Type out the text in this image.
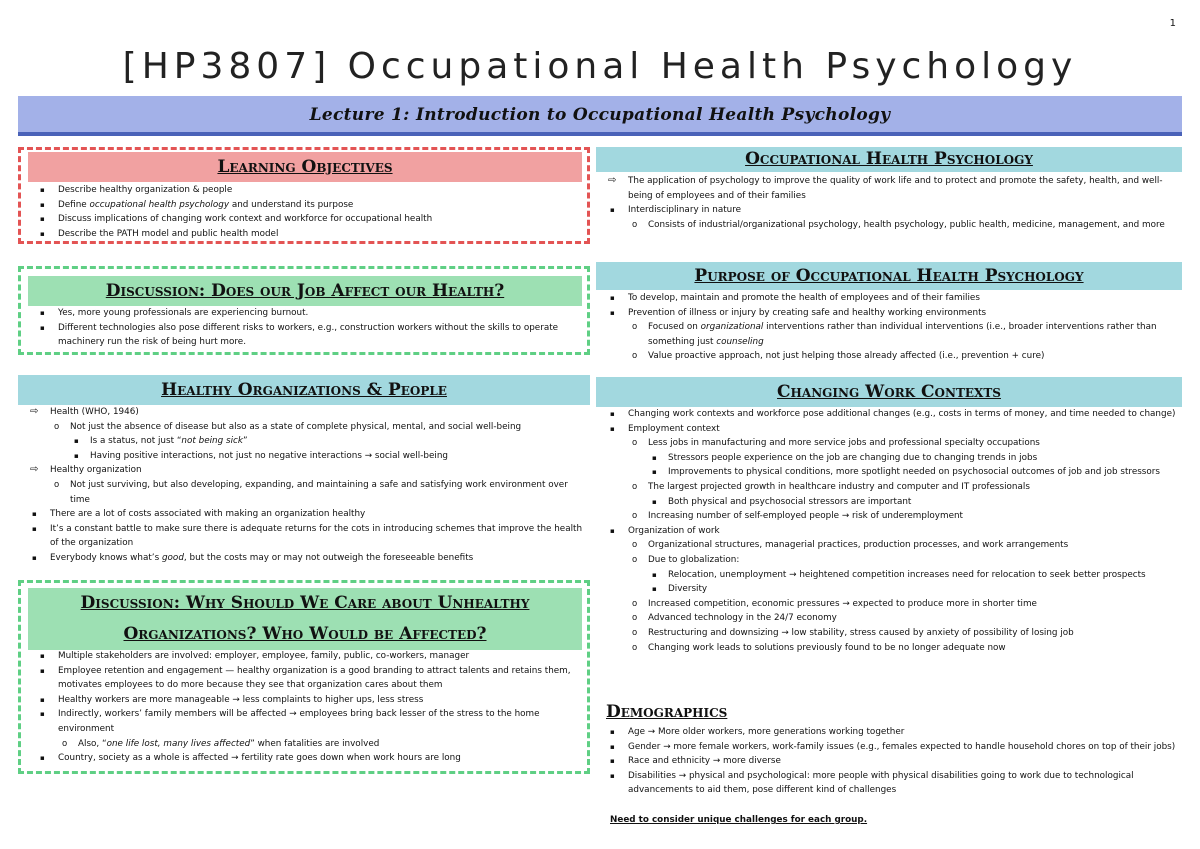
1
[HP3807] Occupational Health Psychology
Lecture 1: Introduction to Occupational Health Psychology
Learning Objectives
▪ Describe healthy organization & people
▪ Define occupational health psychology and understand its purpose
▪ Discuss implications of changing work context and workforce for occupational health
▪ Describe the PATH model and public health model
Discussion: Does our Job Affect our Health?
▪ Yes, more young professionals are experiencing burnout.
▪ Different technologies also pose different risks to workers, e.g., construction workers without the skills to operate machinery run the risk of being hurt more.
Healthy Organizations & People
⇨ Health (WHO, 1946)
o Not just the absence of disease but also as a state of complete physical, mental, and social well-being
▪ Is a status, not just “not being sick”
▪ Having positive interactions, not just no negative interactions → social well-being
⇨ Healthy organization
o Not just surviving, but also developing, expanding, and maintaining a safe and satisfying work environment over time
▪ There are a lot of costs associated with making an organization healthy
▪ It’s a constant battle to make sure there is adequate returns for the cots in introducing schemes that improve the health of the organization
▪ Everybody knows what’s good, but the costs may or may not outweigh the foreseeable benefits
Discussion: Why Should We Care about Unhealthy
Organizations? Who Would be Affected?
▪ Multiple stakeholders are involved: employer, employee, family, public, co-workers, manager
▪ Employee retention and engagement — healthy organization is a good branding to attract talents and retains them, motivates employees to do more because they see that organization cares about them
▪ Healthy workers are more manageable → less complaints to higher ups, less stress
▪ Indirectly, workers’ family members will be affected → employees bring back lesser of the stress to the home environment
o Also, “one life lost, many lives affected” when fatalities are involved
▪ Country, society as a whole is affected → fertility rate goes down when work hours are long
Occupational Health Psychology
⇨ The application of psychology to improve the quality of work life and to protect and promote the safety, health, and well-being of employees and of their families
▪ Interdisciplinary in nature
o Consists of industrial/organizational psychology, health psychology, public health, medicine, management, and more
Purpose of Occupational Health Psychology
▪ To develop, maintain and promote the health of employees and of their families
▪ Prevention of illness or injury by creating safe and healthy working environments
o Focused on organizational interventions rather than individual interventions (i.e., broader interventions rather than something just counseling
o Value proactive approach, not just helping those already affected (i.e., prevention + cure)
Changing Work Contexts
▪ Changing work contexts and workforce pose additional changes (e.g., costs in terms of money, and time needed to change)
▪ Employment context
o Less jobs in manufacturing and more service jobs and professional specialty occupations
▪ Stressors people experience on the job are changing due to changing trends in jobs
▪ Improvements to physical conditions, more spotlight needed on psychosocial outcomes of job and job stressors
o The largest projected growth in healthcare industry and computer and IT professionals
▪ Both physical and psychosocial stressors are important
o Increasing number of self-employed people → risk of underemployment
▪ Organization of work
o Organizational structures, managerial practices, production processes, and work arrangements
o Due to globalization:
▪ Relocation, unemployment → heightened competition increases need for relocation to seek better prospects
▪ Diversity
o Increased competition, economic pressures → expected to produce more in shorter time
o Advanced technology in the 24/7 economy
o Restructuring and downsizing → low stability, stress caused by anxiety of possibility of losing job
o Changing work leads to solutions previously found to be no longer adequate now
Demographics
▪ Age → More older workers, more generations working together
▪ Gender → more female workers, work-family issues (e.g., females expected to handle household chores on top of their jobs)
▪ Race and ethnicity → more diverse
▪ Disabilities → physical and psychological: more people with physical disabilities going to work due to technological advancements to aid them, pose different kind of challenges
Need to consider unique challenges for each group.
